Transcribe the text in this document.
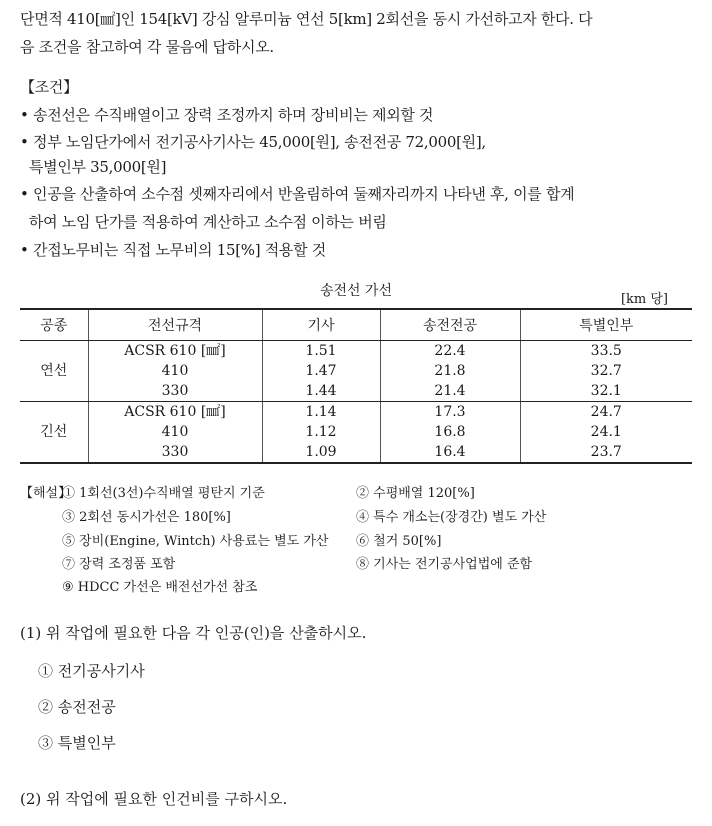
단면적 410[㎟]인 154[kV] 강심 알루미늄 연선 5[km] 2회선을 동시 가선하고자 한다. 다
음 조건을 참고하여 각 물음에 답하시오.
【조건】
• 송전선은 수직배열이고 장력 조정까지 하며 장비비는 제외할 것
• 정부 노임단가에서 전기공사기사는 45,000[원], 송전전공 72,000[원],
특별인부 35,000[원]
• 인공을 산출하여 소수점 셋째자리에서 반올림하여 둘째자리까지 나타낸 후, 이를 합계
하여 노임 단가를 적용하여 계산하고 소수점 이하는 버림
• 간접노무비는 직접 노무비의 15[%] 적용할 것
송전선 가선
[km 당]
공종	전선규격	기사	송전전공	특별인부
연선	ACSR 610 [㎟]	1.51	22.4	33.5
	410	1.47	21.8	32.7
	330	1.44	21.4	32.1
긴선	ACSR 610 [㎟]	1.14	17.3	24.7
	410	1.12	16.8	24.1
	330	1.09	16.4	23.7
【해설】
① 1회선(3선)수직배열 평탄지 기준	② 수평배열 120[%]
③ 2회선 동시가선은 180[%]	④ 특수 개소는(장경간) 별도 가산
⑤ 장비(Engine, Wintch) 사용료는 별도 가산 ⑥ 철거 50[%]
⑦ 장력 조정품 포함	⑧ 기사는 전기공사업법에 준함
⑨ HDCC 가선은 배전선가선 참조
(1) 위 작업에 필요한 다음 각 인공(인)을 산출하시오.
① 전기공사기사
② 송전전공
③ 특별인부
(2) 위 작업에 필요한 인건비를 구하시오.
